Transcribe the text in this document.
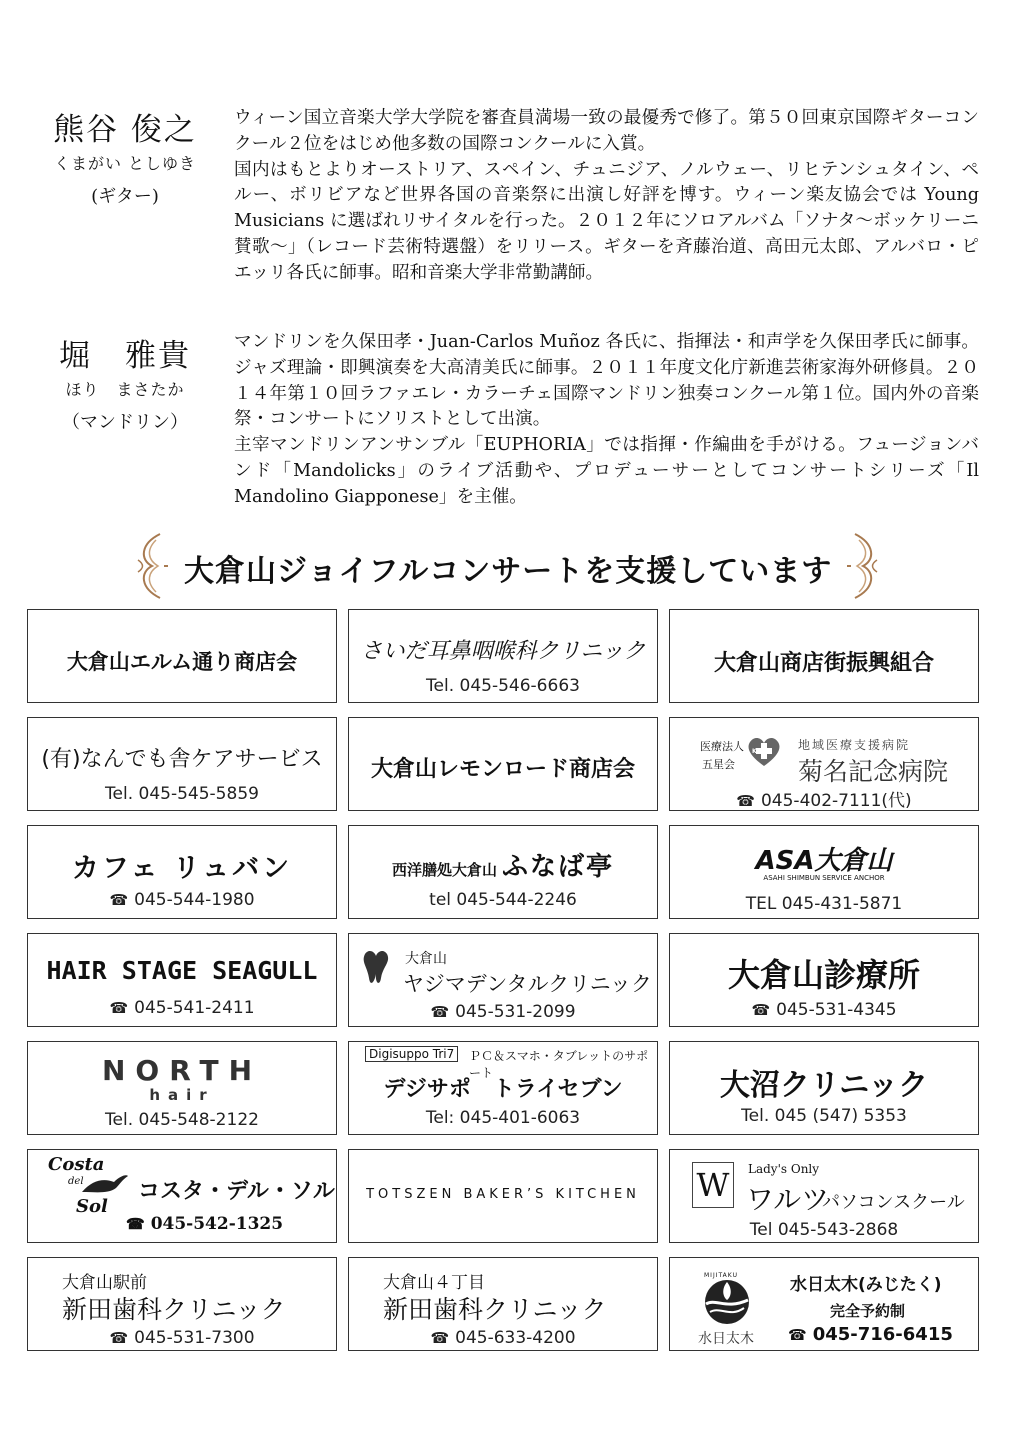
熊谷 俊之
くまがい としゆき
(ギター)

ウィーン国立音楽大学大学院を審査員満場一致の最優秀で修了。第５０回東京国際ギターコンクール２位をはじめ他多数の国際コンクールに入賞。

国内はもとよりオーストリア、スペイン、チュニジア、ノルウェー、リヒテンシュタイン、ペルー、ボリビアなど世界各国の音楽祭に出演し好評を博す。ウィーン楽友協会では Young Musicians に選ばれリサイタルを行った。２０１２年にソロアルバム「ソナタ～ボッケリーニ賛歌～」（レコード芸術特選盤）をリリース。ギターを斉藤治道、高田元太郎、アルバロ・ピエッリ各氏に師事。昭和音楽大学非常勤講師。

堀　雅貴
ほり　まさたか
（マンドリン）

マンドリンを久保田孝・Juan-Carlos Muñoz 各氏に、指揮法・和声学を久保田孝氏に師事。ジャズ理論・即興演奏を大高清美氏に師事。２０１１年度文化庁新進芸術家海外研修員。２０１４年第１０回ラファエレ・カラーチェ国際マンドリン独奏コンクール第１位。国内外の音楽祭・コンサートにソリストとして出演。

主宰マンドリンアンサンブル「EUPHORIA」では指揮・作編曲を手がける。フュージョンバンド「Mandolicks」のライブ活動や、プロデューサーとしてコンサートシリーズ「Il Mandolino Giapponese」を主催。

大倉山ジョイフルコンサートを支援しています
大倉山エルム通り商店会	さいだ耳鼻咽喉科クリニック
Tel. 045-546-6663
大倉山商店街振興組合
(有)なんでも舎ケアサービス
Tel. 045-545-5859
大倉山レモンロード商店会
医療法人
五星会
KMH	地域医療支援病院
菊名記念病院
☎ 045-402-7111(代)
カフェ リュバン
☎ 045-544-1980
西洋膳処大倉山 ふなば亭
tel 045-544-2246
ASA大倉山
ASAHI SHIMBUN SERVICE ANCHOR
TEL 045-431-5871
HAIR STAGE SEAGULL
☎ 045-541-2411
大倉山
ヤジマデンタルクリニック
☎ 045-531-2099
大倉山診療所
☎ 045-531-4345
NORTH
hair
Tel. 045-548-2122
Digisuppo Tri7	ＰＣ＆スマホ・タブレットのサポート
デジサポ　トライセブン
Tel: 045-401-6063
大沼クリニック
Tel. 045 (547) 5353
Costa
del
Sol
コスタ・デル・ソル
☎ 045-542-1325
TOTSZEN BAKER’S KITCHEN	W	Lady's Only
ワルツ
パソコンスクール
Tel 045-543-2868
大倉山駅前
新田歯科クリニック
☎ 045-531-7300
大倉山４丁目
新田歯科クリニック
☎ 045-633-4200
MIJITAKU
水日太木
水日太木(みじたく)
完全予約制
☎ 045-716-6415
